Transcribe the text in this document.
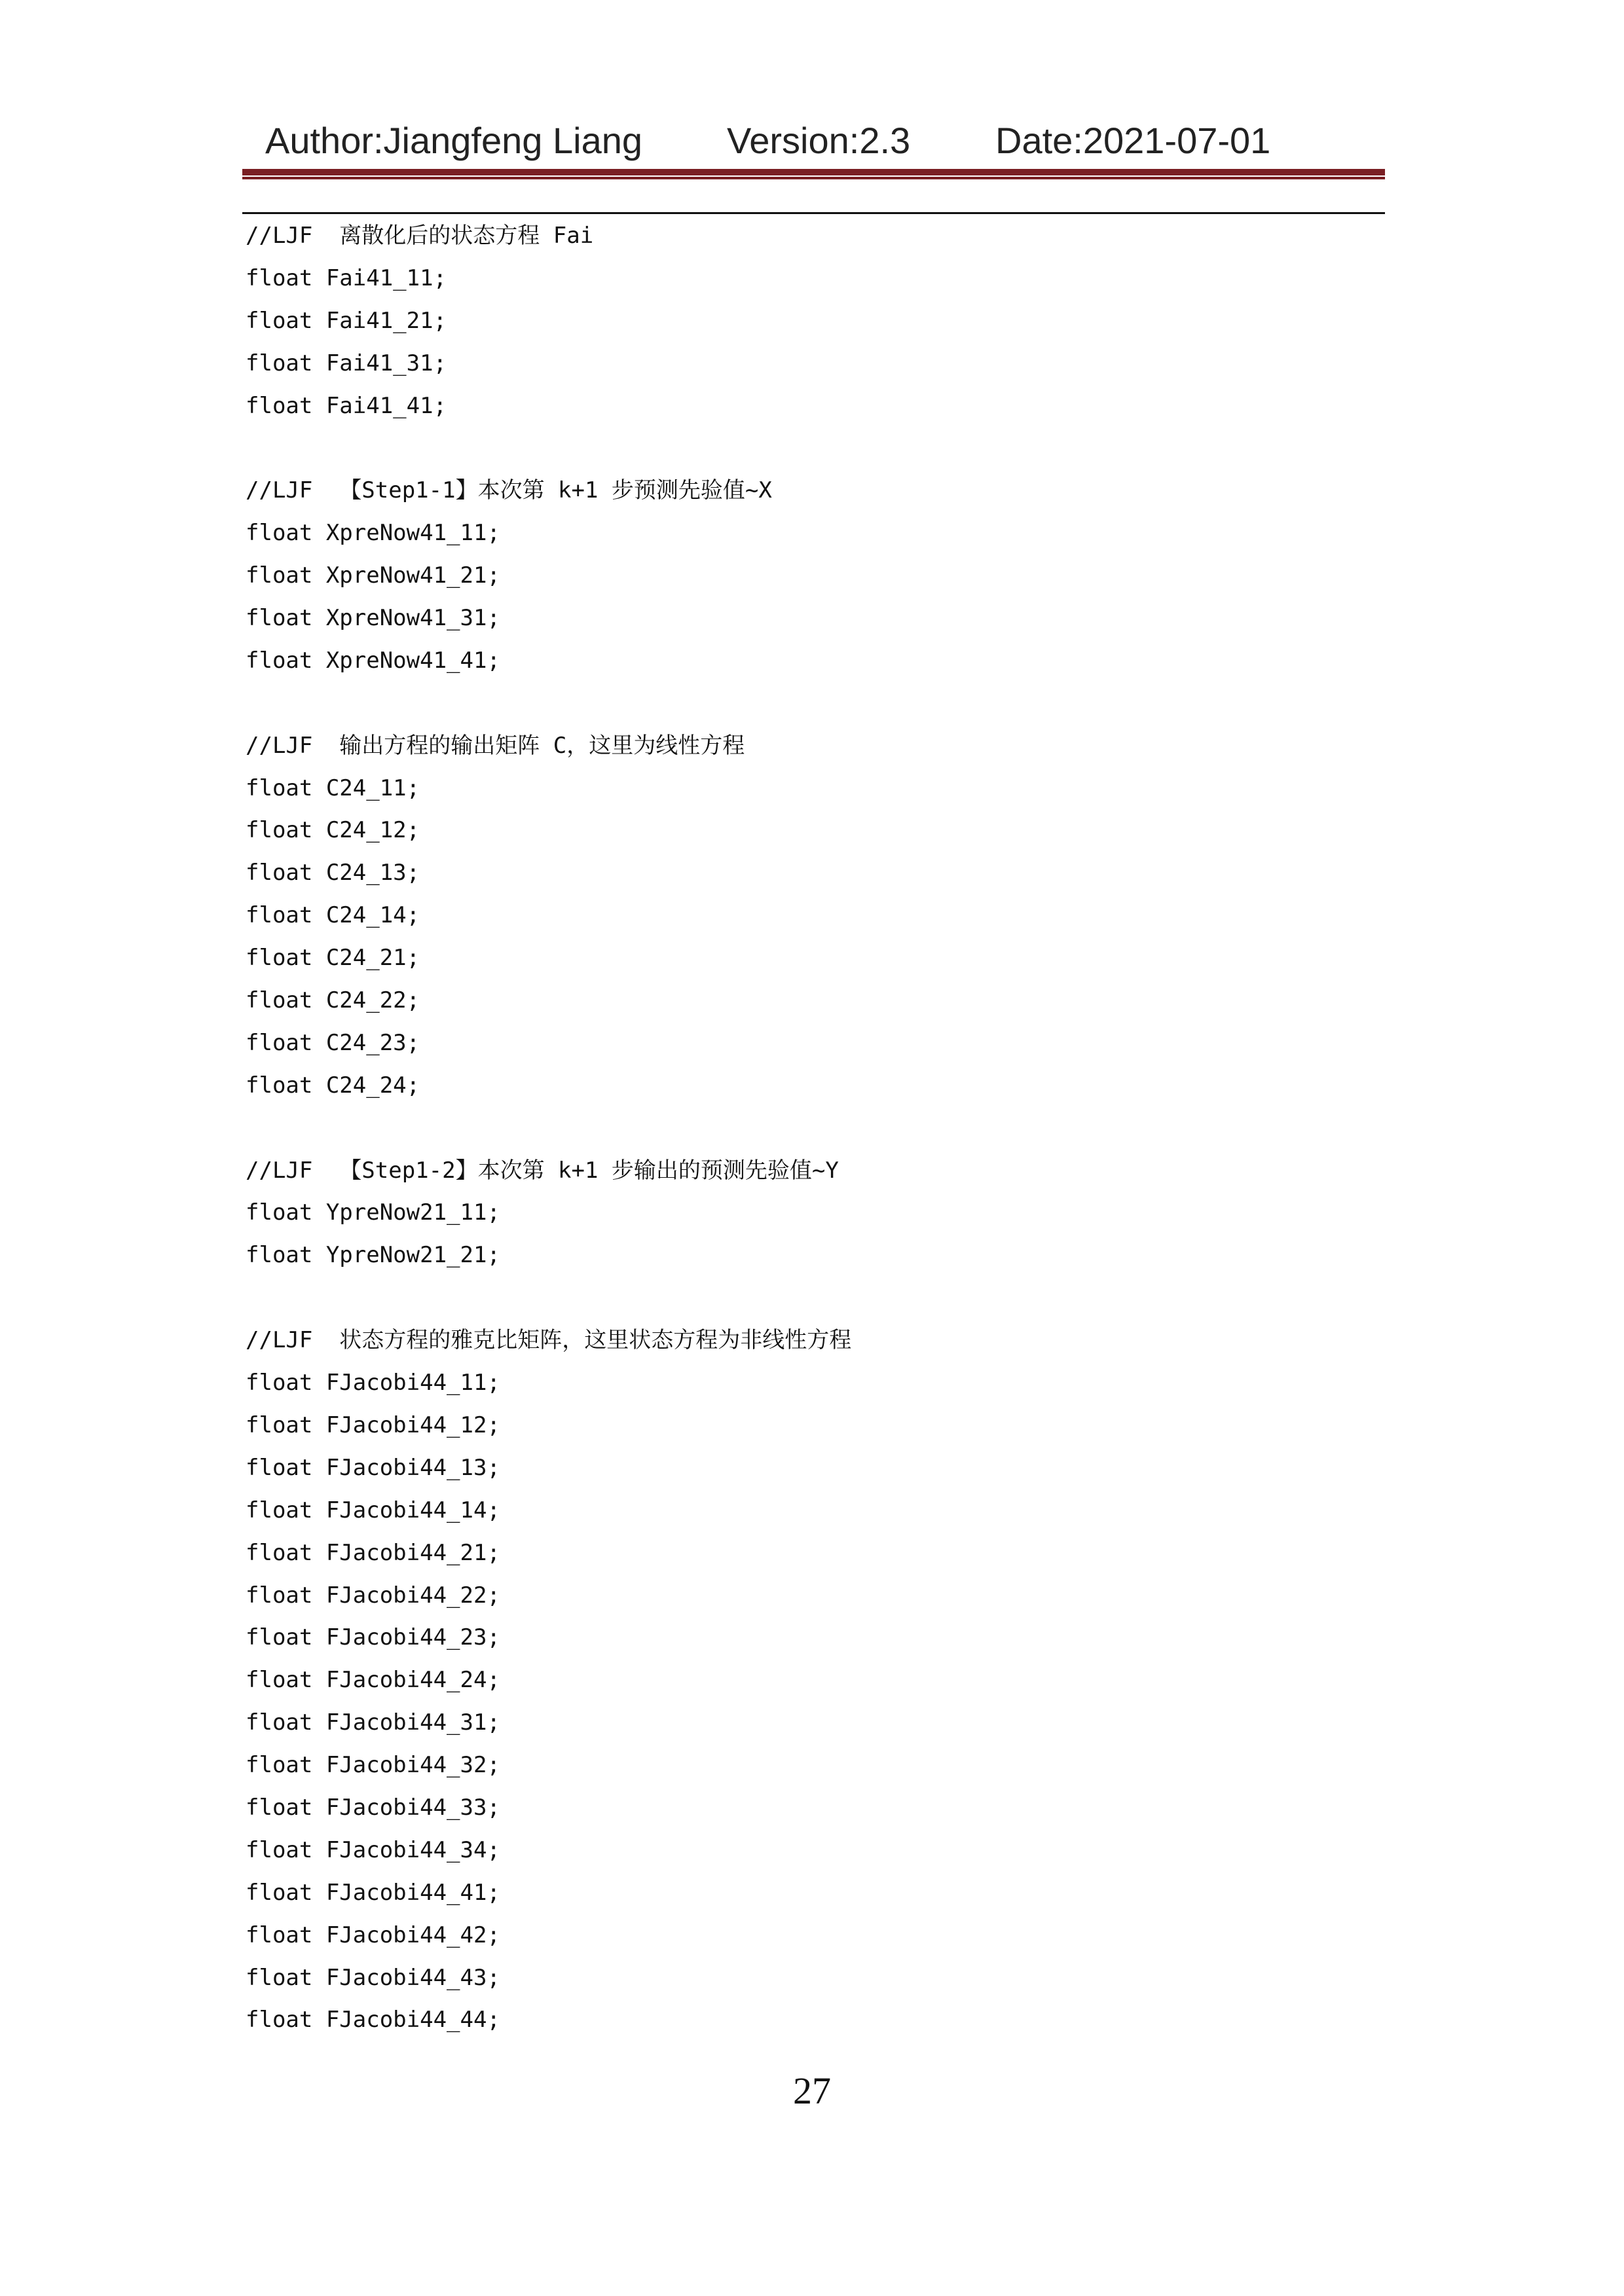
Author:Jiangfeng Liang Version:2.3 Date:2021-07-01
//LJF  离散化后的状态方程 Fai
float Fai41_11;
float Fai41_21;
float Fai41_31;
float Fai41_41;
//LJF  【Step1-1】本次第 k+1 步预测先验值~X
float XpreNow41_11;
float XpreNow41_21;
float XpreNow41_31;
float XpreNow41_41;
//LJF  输出方程的输出矩阵 C，这里为线性方程
float C24_11;
float C24_12;
float C24_13;
float C24_14;
float C24_21;
float C24_22;
float C24_23;
float C24_24;
//LJF  【Step1-2】本次第 k+1 步输出的预测先验值~Y
float YpreNow21_11;
float YpreNow21_21;
//LJF  状态方程的雅克比矩阵，这里状态方程为非线性方程
float FJacobi44_11;
float FJacobi44_12;
float FJacobi44_13;
float FJacobi44_14;
float FJacobi44_21;
float FJacobi44_22;
float FJacobi44_23;
float FJacobi44_24;
float FJacobi44_31;
float FJacobi44_32;
float FJacobi44_33;
float FJacobi44_34;
float FJacobi44_41;
float FJacobi44_42;
float FJacobi44_43;
float FJacobi44_44;
27
